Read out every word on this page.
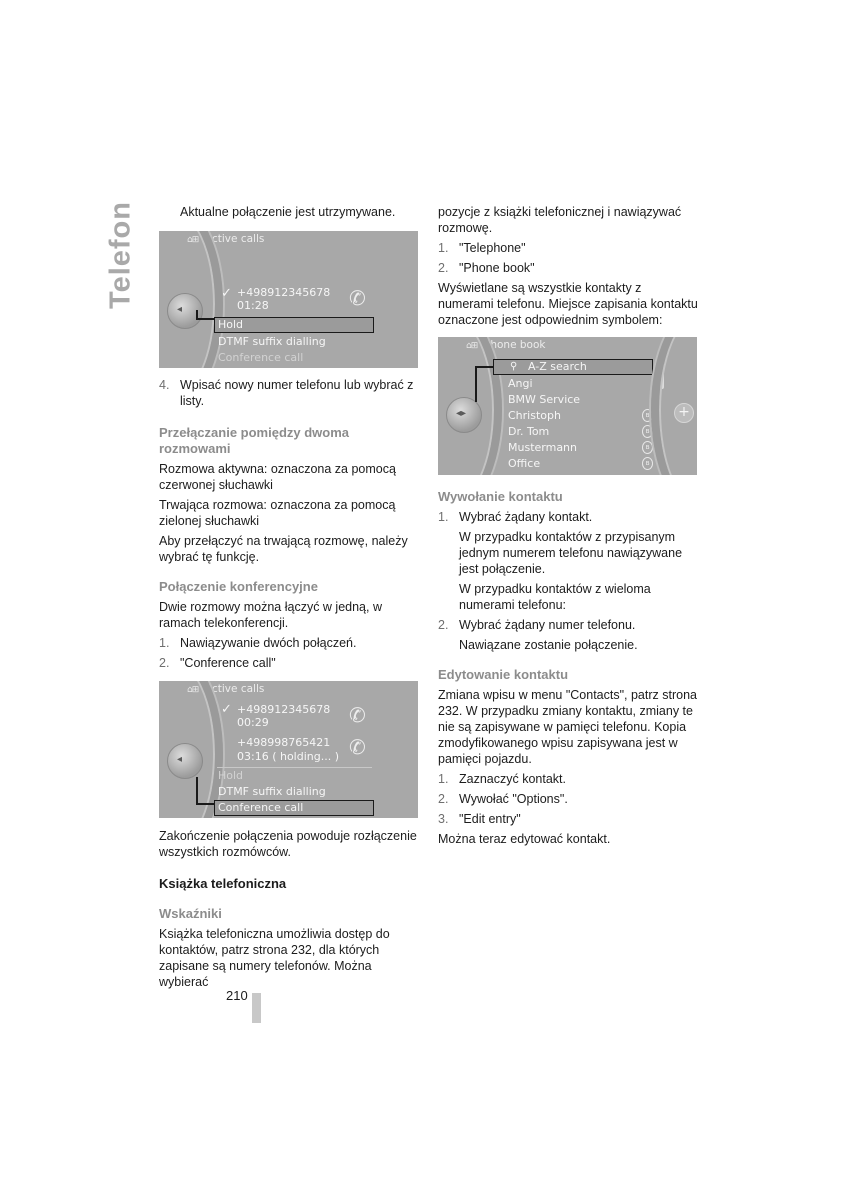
Telefon	Aktualne połączenie jest utrzymywane.

⌂⊞ Active calls
◂
✓ +498912345678
01:28	✆
Hold
DTMF suffix dialling
Conference call

4. Wpisać nowy numer telefonu lub wybrać z listy.

Przełączanie pomiędzy dwoma rozmowami

Rozmowa aktywna: oznaczona za pomocą czerwonej słuchawki

Trwająca rozmowa: oznaczona za pomocą zielonej słuchawki

Aby przełączyć na trwającą rozmowę, należy wybrać tę funkcję.

Połączenie konferencyjne

Dwie rozmowy można łączyć w jedną, w ramach telekonferencji.

1. Nawiązywanie dwóch połączeń.

2. "Conference call"

⌂⊞ Active calls
◂
✓ +498912345678
00:29	✆
+498998765421
03:16 ( holding... ) ✆
Hold
DTMF suffix dialling
Conference call

Zakończenie połączenia powoduje rozłączenie wszystkich rozmówców.

Książka telefoniczna

Wskaźniki

Książka telefoniczna umożliwia dostęp do kontaktów, patrz strona 232, dla których zapisane są numery telefonów. Można wybierać

210

pozycje z książki telefonicznej i nawiązywać rozmowę.

1. "Telephone"

2. "Phone book"

Wyświetlane są wszystkie kontakty z numerami telefonu. Miejsce zapisania kontaktu oznaczone jest odpowiednim symbolem:

⌂⊞ Phone book
◂▸
⚲ A-Z search
Angi
BMW Service
Christoph	ʙ
Dr. Tom	ʙ
Mustermann	ʙ
Office	ʙ
+

Wywołanie kontaktu

1. Wybrać żądany kontakt.

W przypadku kontaktów z przypisanym jednym numerem telefonu nawiązywane jest połączenie.

W przypadku kontaktów z wieloma numerami telefonu:

2. Wybrać żądany numer telefonu.

Nawiązane zostanie połączenie.

Edytowanie kontaktu

Zmiana wpisu w menu "Contacts", patrz strona 232. W przypadku zmiany kontaktu, zmiany te nie są zapisywane w pamięci telefonu. Kopia zmodyfikowanego wpisu zapisywana jest w pamięci pojazdu.

1. Zaznaczyć kontakt.

2. Wywołać "Options".

3. "Edit entry"

Można teraz edytować kontakt.
